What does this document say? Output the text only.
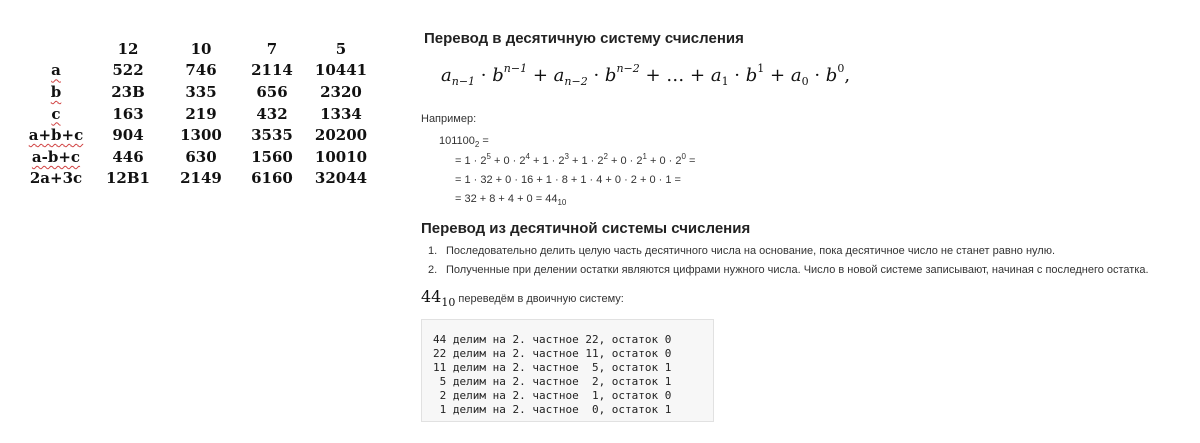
	12	10	7	5
a	522	746	2114	10441
b	23B	335	656	2320
c	163	219	432	1334
a+b+c	904	1300	3535	20200
a-b+c	446	630	1560	10010
2a+3c	12B1	2149	6160	32044
Перевод в десятичную систему счисления
$a_{n-1} \cdot b^{n-1} + a_{n-2} \cdot b^{n-2}$ + … + $a_1 \cdot b^1 + a_0 \cdot b^0$,
Например:
$101100_2$ =
= $1 \cdot 2^5 + 0 \cdot 2^4 + 1 \cdot 2^3 + 1 \cdot 2^2 + 0 \cdot 2^1 + 0 \cdot 2^0$ =
= 1 · 32 + 0 · 16 + 1 · 8 + 1 · 4 + 0 · 2 + 0 · 1 =
= $32 + 8 + 4 + 0 = 44_{10}$
Перевод из десятичной системы счисления
1. Последовательно делить целую часть десятичного числа на основание, пока десятичное число не станет равно нулю.
2. Полученные при делении остатки являются цифрами нужного числа. Число в новой системе записывают, начиная с последнего остатка.
$44_{10}$ переведём в двоичную систему:
44 делим на 2. частное 22, остаток 0
22 делим на 2. частное 11, остаток 0
11 делим на 2. частное  5, остаток 1
5 делим на 2. частное  2, остаток 1
2 делим на 2. частное  1, остаток 0
1 делим на 2. частное  0, остаток 1
